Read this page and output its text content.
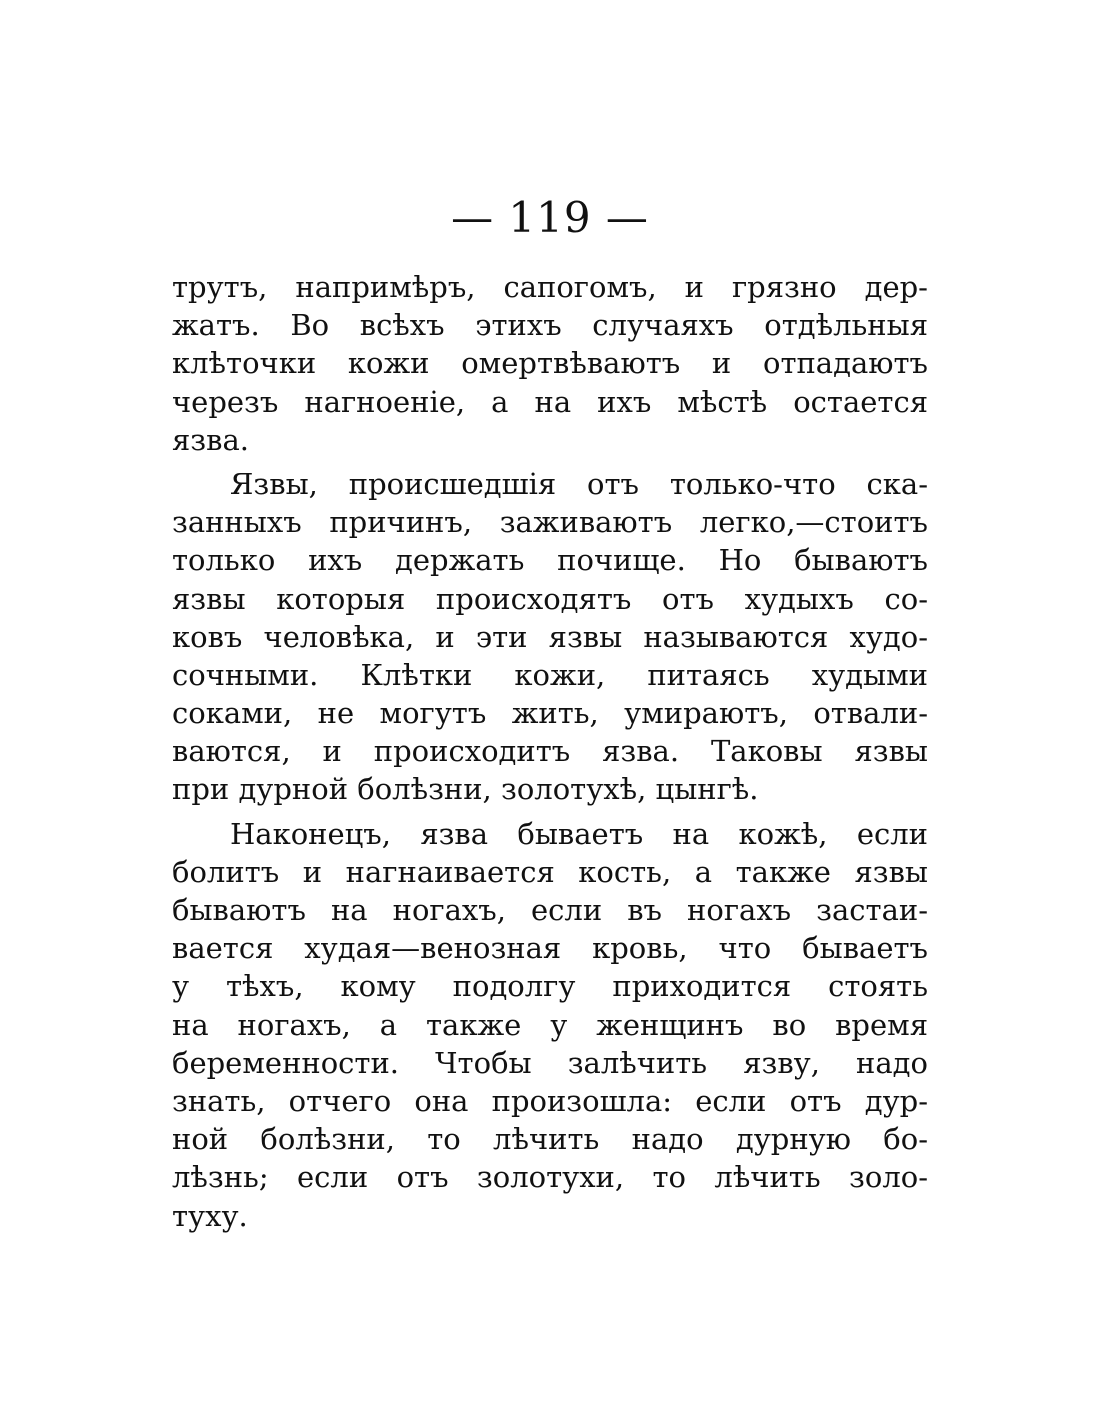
— 119 —
трутъ, напримѣръ, сапогомъ, и грязно дер-
жатъ. Во всѣхъ этихъ случаяхъ отдѣльныя
клѣточки кожи омертвѣваютъ и отпадаютъ
черезъ нагноеніе, а на ихъ мѣстѣ остается
язва.
Язвы, происшедшія отъ только-что ска-
занныхъ причинъ, заживаютъ легко,—стоитъ
только ихъ держать почище. Но бываютъ
язвы которыя происходятъ отъ худыхъ со-
ковъ человѣка, и эти язвы называются худо-
сочными. Клѣтки кожи, питаясь худыми
соками, не могутъ жить, умираютъ, отвали-
ваются, и происходитъ язва. Таковы язвы
при дурной болѣзни, золотухѣ, цынгѣ.
Наконецъ, язва бываетъ на кожѣ, если
болитъ и нагнаивается кость, а также язвы
бываютъ на ногахъ, если въ ногахъ застаи-
вается худая—венозная кровь, что бываетъ
у тѣхъ, кому подолгу приходится стоять
на ногахъ, а также у женщинъ во время
беременности. Чтобы залѣчить язву, надо
знать, отчего она произошла: если отъ дур-
ной болѣзни, то лѣчить надо дурную бо-
лѣзнь; если отъ золотухи, то лѣчить золо-
туху.
